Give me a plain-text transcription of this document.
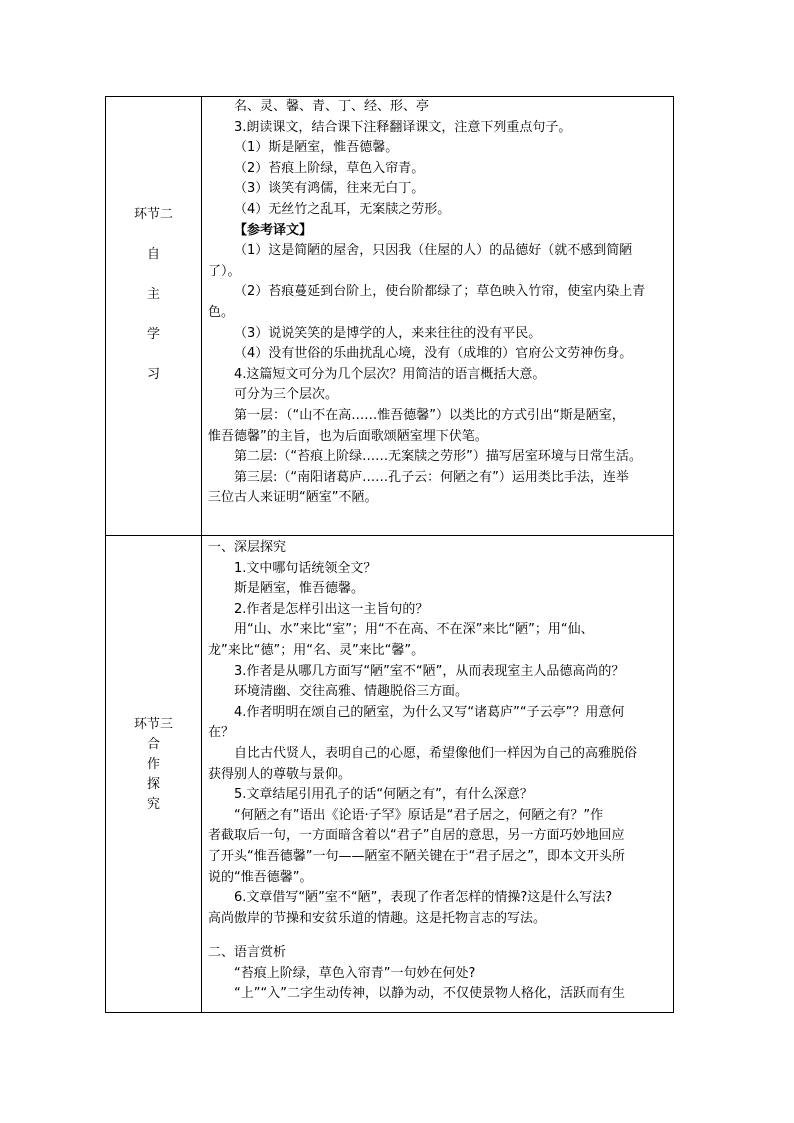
环节二
自
主
学
习

名、灵、馨、青、丁、经、形、亭

3.朗读课文，结合课下注释翻译课文，注意下列重点句子。

（1）斯是陋室，惟吾德馨。

（2）苔痕上阶绿，草色入帘青。

（3）谈笑有鸿儒，往来无白丁。

（4）无丝竹之乱耳，无案牍之劳形。

【参考译文】

（1）这是简陋的屋舍，只因我（住屋的人）的品德好（就不感到简陋

了）。

（2）苔痕蔓延到台阶上，使台阶都绿了；草色映入竹帘，使室内染上青

色。

（3）说说笑笑的是博学的人，来来往往的没有平民。

（4）没有世俗的乐曲扰乱心境，没有（成堆的）官府公文劳神伤身。

4.这篇短文可分为几个层次？用简洁的语言概括大意。

可分为三个层次。

第一层：（“山不在高……惟吾德馨”）以类比的方式引出“斯是陋室，

惟吾德馨”的主旨，也为后面歌颂陋室埋下伏笔。

第二层:（“苔痕上阶绿……无案牍之劳形”）描写居室环境与日常生活。

第三层:（“南阳诸葛庐……孔子云：何陋之有”）运用类比手法，连举

三位古人来证明“陋室”不陋。

环节三
合
作
探
究

一、深层探究

1.文中哪句话统领全文？

斯是陋室，惟吾德馨。

2.作者是怎样引出这一主旨句的？

用“山、水”来比“室”；用“不在高、不在深”来比“陋”；用“仙、

龙”来比“德”；用“名、灵”来比“馨”。

3.作者是从哪几方面写“陋”室不“陋”，从而表现室主人品德高尚的？

环境清幽、交往高雅、情趣脱俗三方面。

4.作者明明在颂自己的陋室，为什么又写“诸葛庐”“子云亭”？用意何

在？

自比古代贤人，表明自己的心愿，希望像他们一样因为自己的高雅脱俗

获得别人的尊敬与景仰。

5.文章结尾引用孔子的话“何陋之有”，有什么深意？

“何陋之有”语出《论语·子罕》原话是“君子居之，何陋之有？”作

者截取后一句，一方面暗含着以“君子”自居的意思，另一方面巧妙地回应

了开头“惟吾德馨”一句——陋室不陋关键在于“君子居之”，即本文开头所

说的“惟吾德馨”。

6.文章借写“陋”室不“陋”，表现了作者怎样的情操?这是什么写法?

高尚傲岸的节操和安贫乐道的情趣。这是托物言志的写法。

二、语言赏析

“苔痕上阶绿，草色入帘青”一句妙在何处?

“上”“入”二字生动传神，以静为动，不仅使景物人格化，活跃而有生
